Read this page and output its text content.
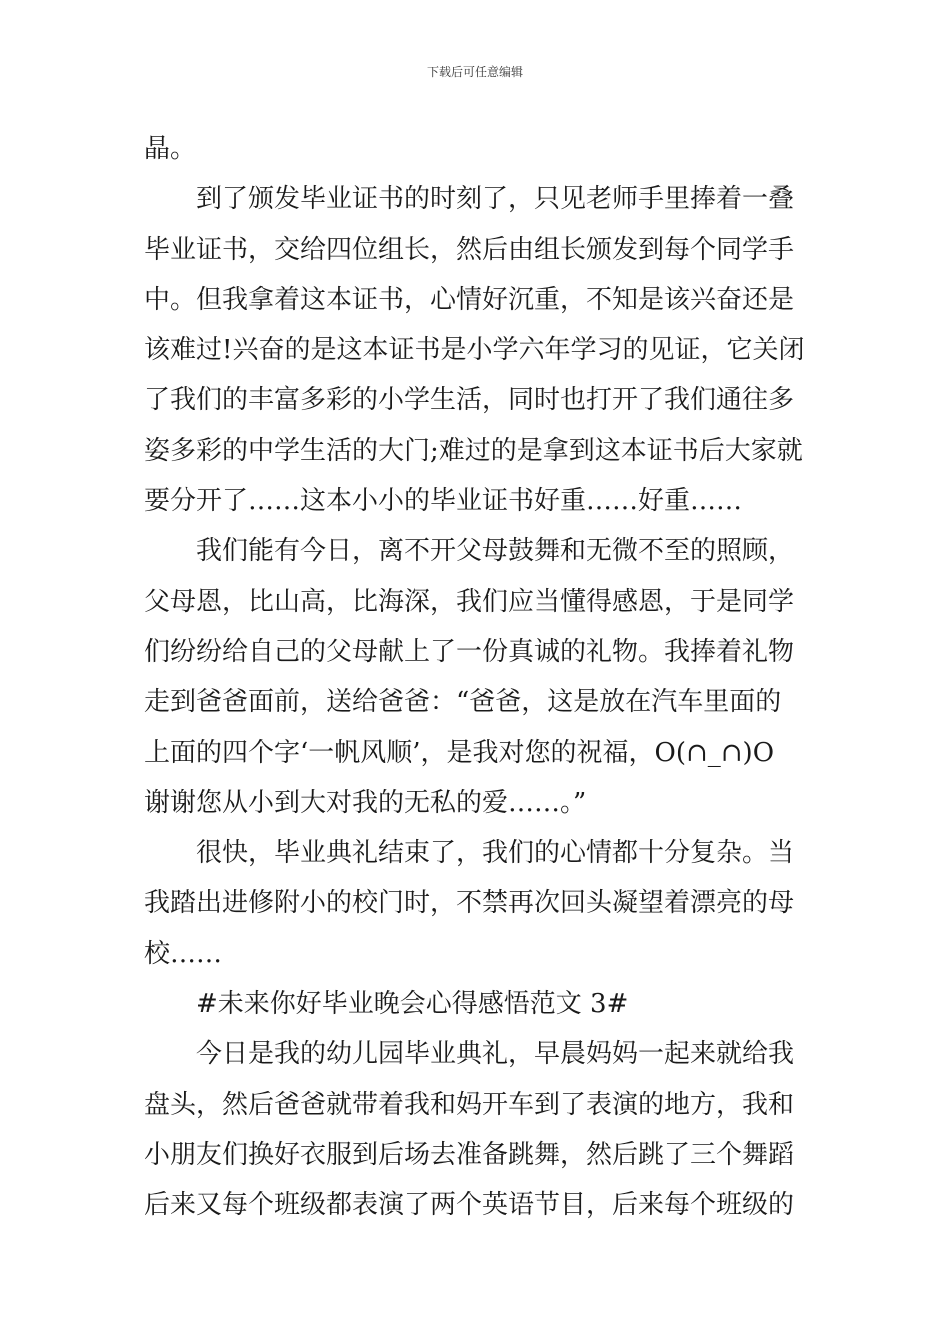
下载后可任意编辑
晶。
到了颁发毕业证书的时刻了，只见老师手里捧着一叠
毕业证书，交给四位组长，然后由组长颁发到每个同学手
中。但我拿着这本证书，心情好沉重，不知是该兴奋还是
该难过!兴奋的是这本证书是小学六年学习的见证，它关闭
了我们的丰富多彩的小学生活，同时也打开了我们通往多
姿多彩的中学生活的大门;难过的是拿到这本证书后大家就
要分开了……这本小小的毕业证书好重……好重……
我们能有今日，离不开父母鼓舞和无微不至的照顾，
父母恩，比山高，比海深，我们应当懂得感恩，于是同学
们纷纷给自己的父母献上了一份真诚的礼物。我捧着礼物
走到爸爸面前，送给爸爸：“爸爸，这是放在汽车里面的
上面的四个字‘一帆风顺’，是我对您的祝福，O(∩_∩)O
谢谢您从小到大对我的无私的爱……。”
很快，毕业典礼结束了，我们的心情都十分复杂。当
我踏出进修附小的校门时，不禁再次回头凝望着漂亮的母
校……
#未来你好毕业晚会心得感悟范文 3#
今日是我的幼儿园毕业典礼，早晨妈妈一起来就给我
盘头，然后爸爸就带着我和妈开车到了表演的地方，我和
小朋友们换好衣服到后场去准备跳舞，然后跳了三个舞蹈
后来又每个班级都表演了两个英语节目，后来每个班级的
